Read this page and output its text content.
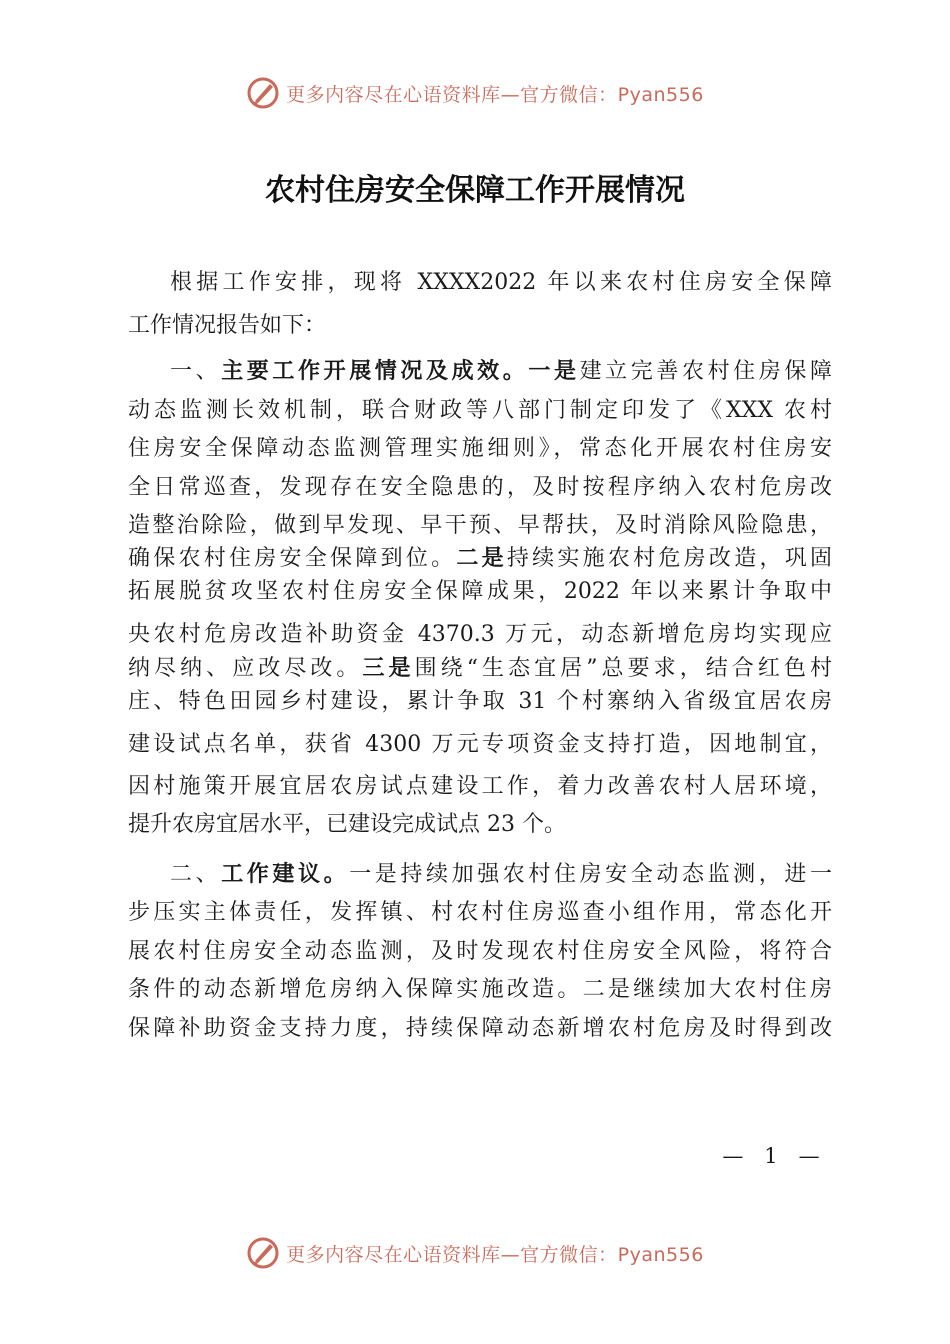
更多内容尽在心语资料库—官方微信：Pyan556
农村住房安全保障工作开展情况
根据工作安排，现将 XXXX2022 年以来农村住房安全保障
工作情况报告如下：
一、主要工作开展情况及成效。一是建立完善农村住房保障
动态监测长效机制，联合财政等八部门制定印发了《XXX 农村
住房安全保障动态监测管理实施细则》，常态化开展农村住房安
全日常巡查，发现存在安全隐患的，及时按程序纳入农村危房改
造整治除险，做到早发现、早干预、早帮扶，及时消除风险隐患，
确保农村住房安全保障到位。二是持续实施农村危房改造，巩固
拓展脱贫攻坚农村住房安全保障成果，2022 年以来累计争取中
央农村危房改造补助资金 4370.3 万元，动态新增危房均实现应
纳尽纳、应改尽改。三是围绕“生态宜居”总要求，结合红色村
庄、特色田园乡村建设，累计争取 31 个村寨纳入省级宜居农房
建设试点名单，获省 4300 万元专项资金支持打造，因地制宜，
因村施策开展宜居农房试点建设工作，着力改善农村人居环境，
提升农房宜居水平，已建设完成试点 23 个。
二、工作建议。一是持续加强农村住房安全动态监测，进一
步压实主体责任，发挥镇、村农村住房巡查小组作用，常态化开
展农村住房安全动态监测，及时发现农村住房安全风险，将符合
条件的动态新增危房纳入保障实施改造。二是继续加大农村住房
保障补助资金支持力度，持续保障动态新增农村危房及时得到改
—　1　—
更多内容尽在心语资料库—官方微信：Pyan556
